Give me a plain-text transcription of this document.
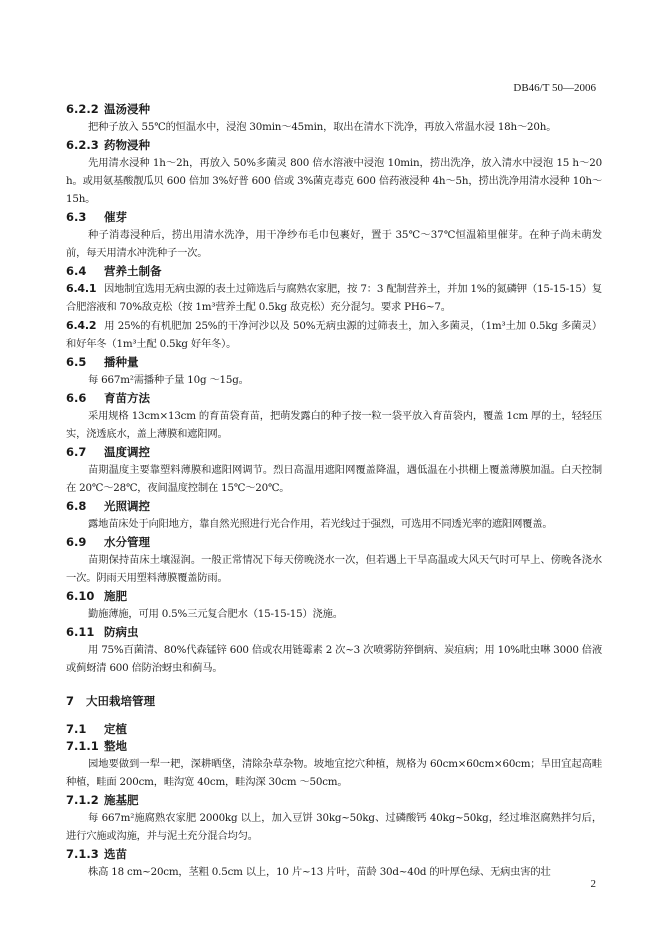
DB46/T 50—2006
6.2.2 温汤浸种
把种子放入 55℃的恒温水中，浸泡 30min～45min，取出在清水下洗净，再放入常温水浸 18h～20h。
6.2.3 药物浸种
先用清水浸种 1h～2h，再放入 50%多菌灵 800 倍水溶液中浸泡 10min，捞出洗净，放入清水中浸泡 15 h～20 h。或用氨基酸靓瓜贝 600 倍加 3%好普 600 倍或 3%菌克毒克 600 倍药液浸种 4h～5h，捞出洗净用清水浸种 10h～15h。
6.3 催芽
种子消毒浸种后，捞出用清水洗净，用干净纱布毛巾包裹好，置于 35℃～37℃恒温箱里催芽。在种子尚未萌发前，每天用清水冲洗种子一次。
6.4 营养土制备
6.4.1 因地制宜选用无病虫源的表土过筛选后与腐熟农家肥，按 7：3 配制营养土，并加 1%的氮磷钾（15-15-15）复合肥溶液和 70%敌克松（按 1m³营养土配 0.5kg 敌克松）充分混匀。要求 PH6~7。
6.4.2 用 25%的有机肥加 25%的干净河沙以及 50%无病虫源的过筛表土，加入多菌灵，（1m³土加 0.5kg 多菌灵）和好年冬（1m³土配 0.5kg 好年冬）。
6.5 播种量
每 667m²需播种子量 10g ～15g。
6.6 育苗方法
采用规格 13cm×13cm 的育苗袋育苗，把萌发露白的种子按一粒一袋平放入育苗袋内，覆盖 1cm 厚的土，轻轻压实，浇透底水，盖上薄膜和遮阳网。
6.7 温度调控
苗期温度主要靠塑料薄膜和遮阳网调节。烈日高温用遮阳网覆盖降温，遇低温在小拱棚上覆盖薄膜加温。白天控制在 20℃～28℃，夜间温度控制在 15℃～20℃。
6.8 光照调控
露地苗床处于向阳地方，靠自然光照进行光合作用，若光线过于强烈，可选用不同透光率的遮阳网覆盖。
6.9 水分管理
苗期保持苗床土壤湿润。一般正常情况下每天傍晚浇水一次，但若遇上干旱高温或大风天气时可早上、傍晚各浇水一次。阴雨天用塑料薄膜覆盖防雨。
6.10 施肥
勤施薄施，可用 0.5%三元复合肥水（15-15-15）浇施。
6.11 防病虫
用 75%百菌清、80%代森锰锌 600 倍或农用链霉素 2 次~3 次喷雾防猝倒病、炭疽病；用 10%吡虫啉 3000 倍液或蓟蚜清 600 倍防治蚜虫和蓟马。
7 大田栽培管理
7.1 定植
7.1.1 整地
园地要做到一犁一耙，深耕晒垡，清除杂草杂物。坡地宜挖穴种植，规格为 60cm×60cm×60cm；旱田宜起高畦种植，畦面 200cm，畦沟宽 40cm，畦沟深 30cm ～50cm。
7.1.2 施基肥
每 667m²施腐熟农家肥 2000kg 以上，加入豆饼 30kg~50kg、过磷酸钙 40kg~50kg，经过堆沤腐熟拌匀后，进行穴施或沟施，并与泥土充分混合均匀。
7.1.3 选苗
株高 18 cm~20cm，茎粗 0.5cm 以上，10 片~13 片叶，苗龄 30d~40d 的叶厚色绿、无病虫害的壮
2
